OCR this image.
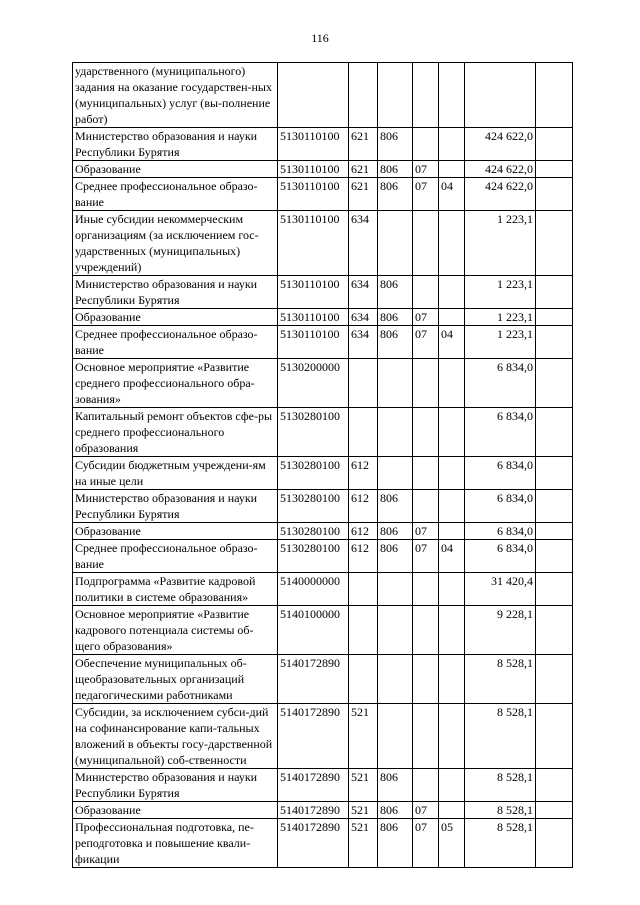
116
ударственного (муниципального) задания на оказание государствен-ных (муниципальных) услуг (вы-полнение работ)							
Министерство образования и науки Республики Бурятия	5130110100	621	806			424 622,0	
Образование	5130110100	621	806	07		424 622,0	
Среднее профессиональное образо-вание	5130110100	621	806	07	04	424 622,0	
Иные субсидии некоммерческим организациям (за исключением гос-ударственных (муниципальных) учреждений)	5130110100	634				1 223,1	
Министерство образования и науки Республики Бурятия	5130110100	634	806			1 223,1	
Образование	5130110100	634	806	07		1 223,1	
Среднее профессиональное образо-вание	5130110100	634	806	07	04	1 223,1	
Основное мероприятие «Развитие среднего профессионального обра-зования»	5130200000					6 834,0	
Капитальный ремонт объектов сфе-ры среднего профессионального образования	5130280100					6 834,0	
Субсидии бюджетным учреждени-ям на иные цели	5130280100	612				6 834,0	
Министерство образования и науки Республики Бурятия	5130280100	612	806			6 834,0	
Образование	5130280100	612	806	07		6 834,0	
Среднее профессиональное образо-вание	5130280100	612	806	07	04	6 834,0	
Подпрограмма «Развитие кадровой политики в системе образования»	5140000000					31 420,4	
Основное мероприятие «Развитие кадрового потенциала системы об-щего образования»	5140100000					9 228,1	
Обеспечение муниципальных об-щеобразовательных организаций педагогическими работниками	5140172890					8 528,1	
Субсидии, за исключением субси-дий на софинансирование капи-тальных вложений в объекты госу-дарственной (муниципальной) соб-ственности	5140172890	521				8 528,1	
Министерство образования и науки Республики Бурятия	5140172890	521	806			8 528,1	
Образование	5140172890	521	806	07		8 528,1	
Профессиональная подготовка, пе-реподготовка и повышение квали-фикации	5140172890	521	806	07	05	8 528,1	
